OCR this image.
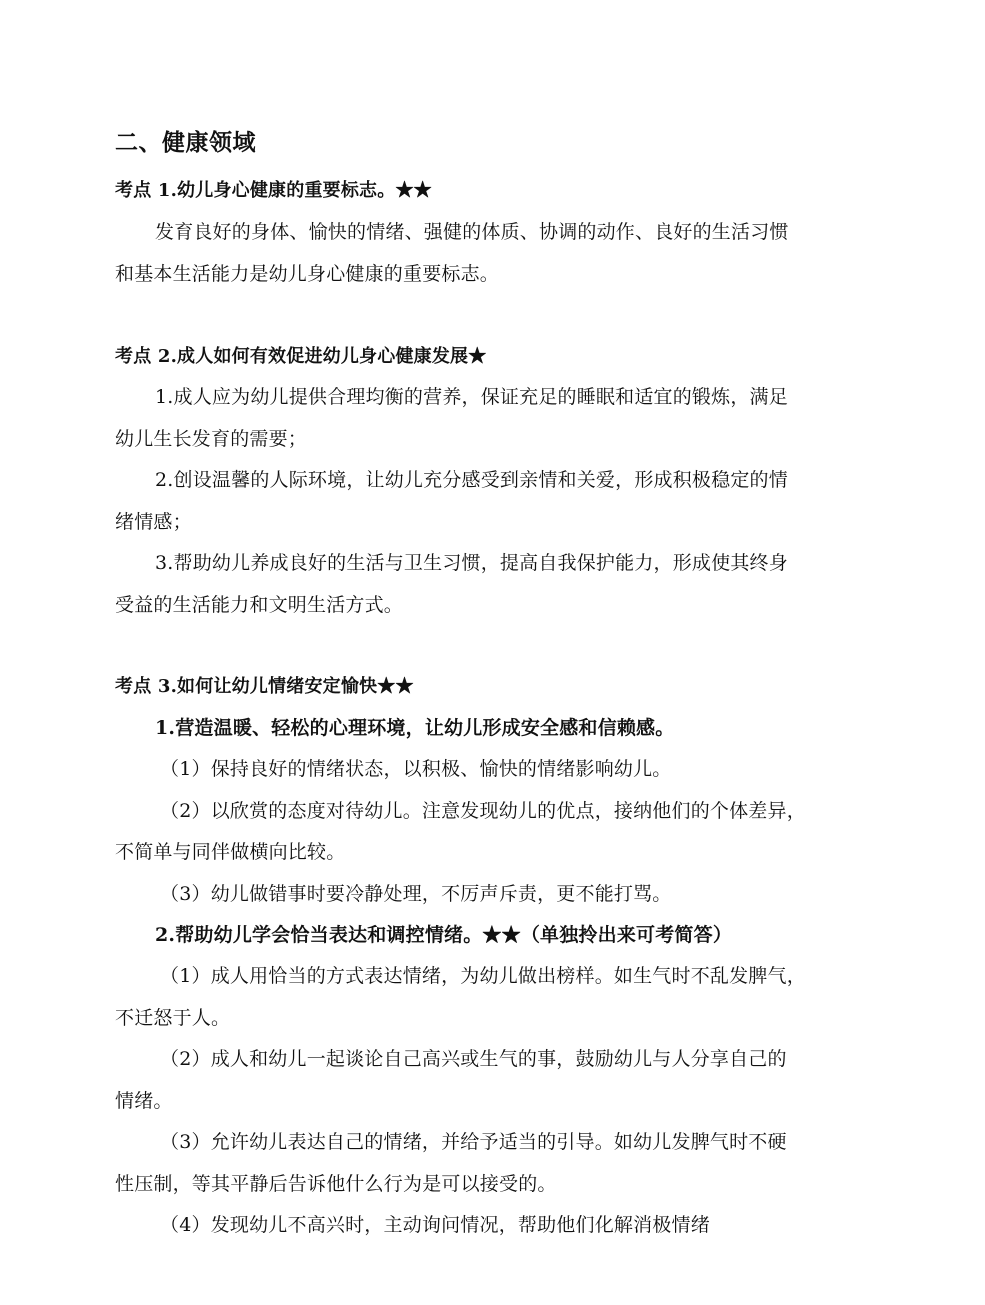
二、健康领域
考点 1.幼儿身心健康的重要标志。★★
发育良好的身体、愉快的情绪、强健的体质、协调的动作、良好的生活习惯
和基本生活能力是幼儿身心健康的重要标志。
考点 2.成人如何有效促进幼儿身心健康发展★
1.成人应为幼儿提供合理均衡的营养，保证充足的睡眠和适宜的锻炼，满足
幼儿生长发育的需要；
2.创设温馨的人际环境，让幼儿充分感受到亲情和关爱，形成积极稳定的情
绪情感；
3.帮助幼儿养成良好的生活与卫生习惯，提高自我保护能力，形成使其终身
受益的生活能力和文明生活方式。
考点 3.如何让幼儿情绪安定愉快★★
1.营造温暖、轻松的心理环境，让幼儿形成安全感和信赖感。
（1）保持良好的情绪状态，以积极、愉快的情绪影响幼儿。
（2）以欣赏的态度对待幼儿。注意发现幼儿的优点，接纳他们的个体差异，
不简单与同伴做横向比较。
（3）幼儿做错事时要冷静处理，不厉声斥责，更不能打骂。
2.帮助幼儿学会恰当表达和调控情绪。★★（单独拎出来可考简答）
（1）成人用恰当的方式表达情绪，为幼儿做出榜样。如生气时不乱发脾气，
不迁怒于人。
（2）成人和幼儿一起谈论自己高兴或生气的事，鼓励幼儿与人分享自己的
情绪。
（3）允许幼儿表达自己的情绪，并给予适当的引导。如幼儿发脾气时不硬
性压制，等其平静后告诉他什么行为是可以接受的。
（4）发现幼儿不高兴时，主动询问情况，帮助他们化解消极情绪
